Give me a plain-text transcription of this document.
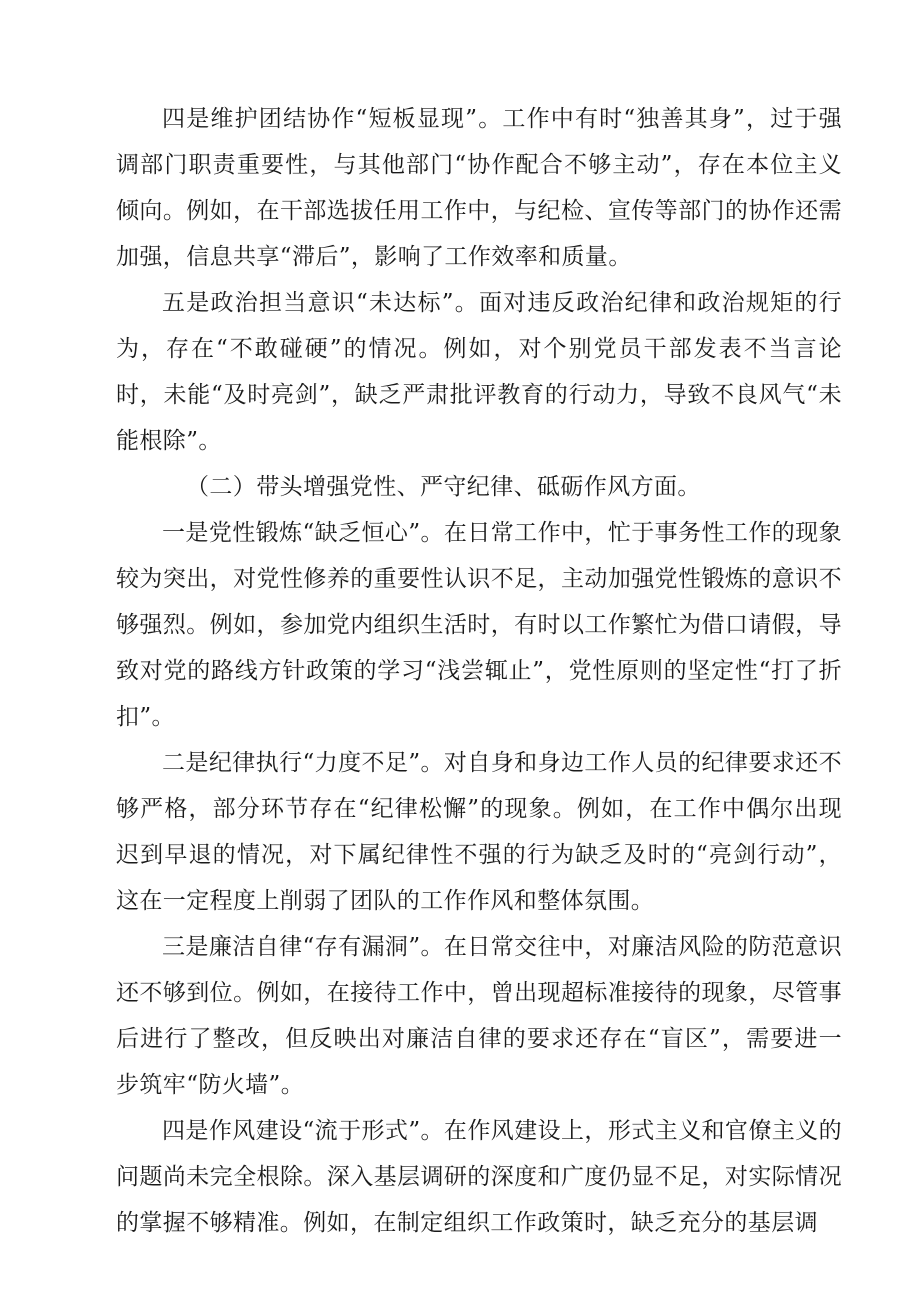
四是维护团结协作“短板显现”。工作中有时“独善其身”，过于强调部门职责重要性，与其他部门“协作配合不够主动”，存在本位主义倾向。例如，在干部选拔任用工作中，与纪检、宣传等部门的协作还需加强，信息共享“滞后”，影响了工作效率和质量。

五是政治担当意识“未达标”。面对违反政治纪律和政治规矩的行为，存在“不敢碰硬”的情况。例如，对个别党员干部发表不当言论时，未能“及时亮剑”，缺乏严肃批评教育的行动力，导致不良风气“未能根除”。

（二）带头增强党性、严守纪律、砥砺作风方面。

一是党性锻炼“缺乏恒心”。在日常工作中，忙于事务性工作的现象较为突出，对党性修养的重要性认识不足，主动加强党性锻炼的意识不够强烈。例如，参加党内组织生活时，有时以工作繁忙为借口请假，导致对党的路线方针政策的学习“浅尝辄止”，党性原则的坚定性“打了折扣”。

二是纪律执行“力度不足”。对自身和身边工作人员的纪律要求还不够严格，部分环节存在“纪律松懈”的现象。例如，在工作中偶尔出现迟到早退的情况，对下属纪律性不强的行为缺乏及时的“亮剑行动”，这在一定程度上削弱了团队的工作作风和整体氛围。

三是廉洁自律“存有漏洞”。在日常交往中，对廉洁风险的防范意识还不够到位。例如，在接待工作中，曾出现超标准接待的现象，尽管事后进行了整改，但反映出对廉洁自律的要求还存在“盲区”，需要进一步筑牢“防火墙”。

四是作风建设“流于形式”。在作风建设上，形式主义和官僚主义的问题尚未完全根除。深入基层调研的深度和广度仍显不足，对实际情况的掌握不够精准。例如，在制定组织工作政策时，缺乏充分的基层调
